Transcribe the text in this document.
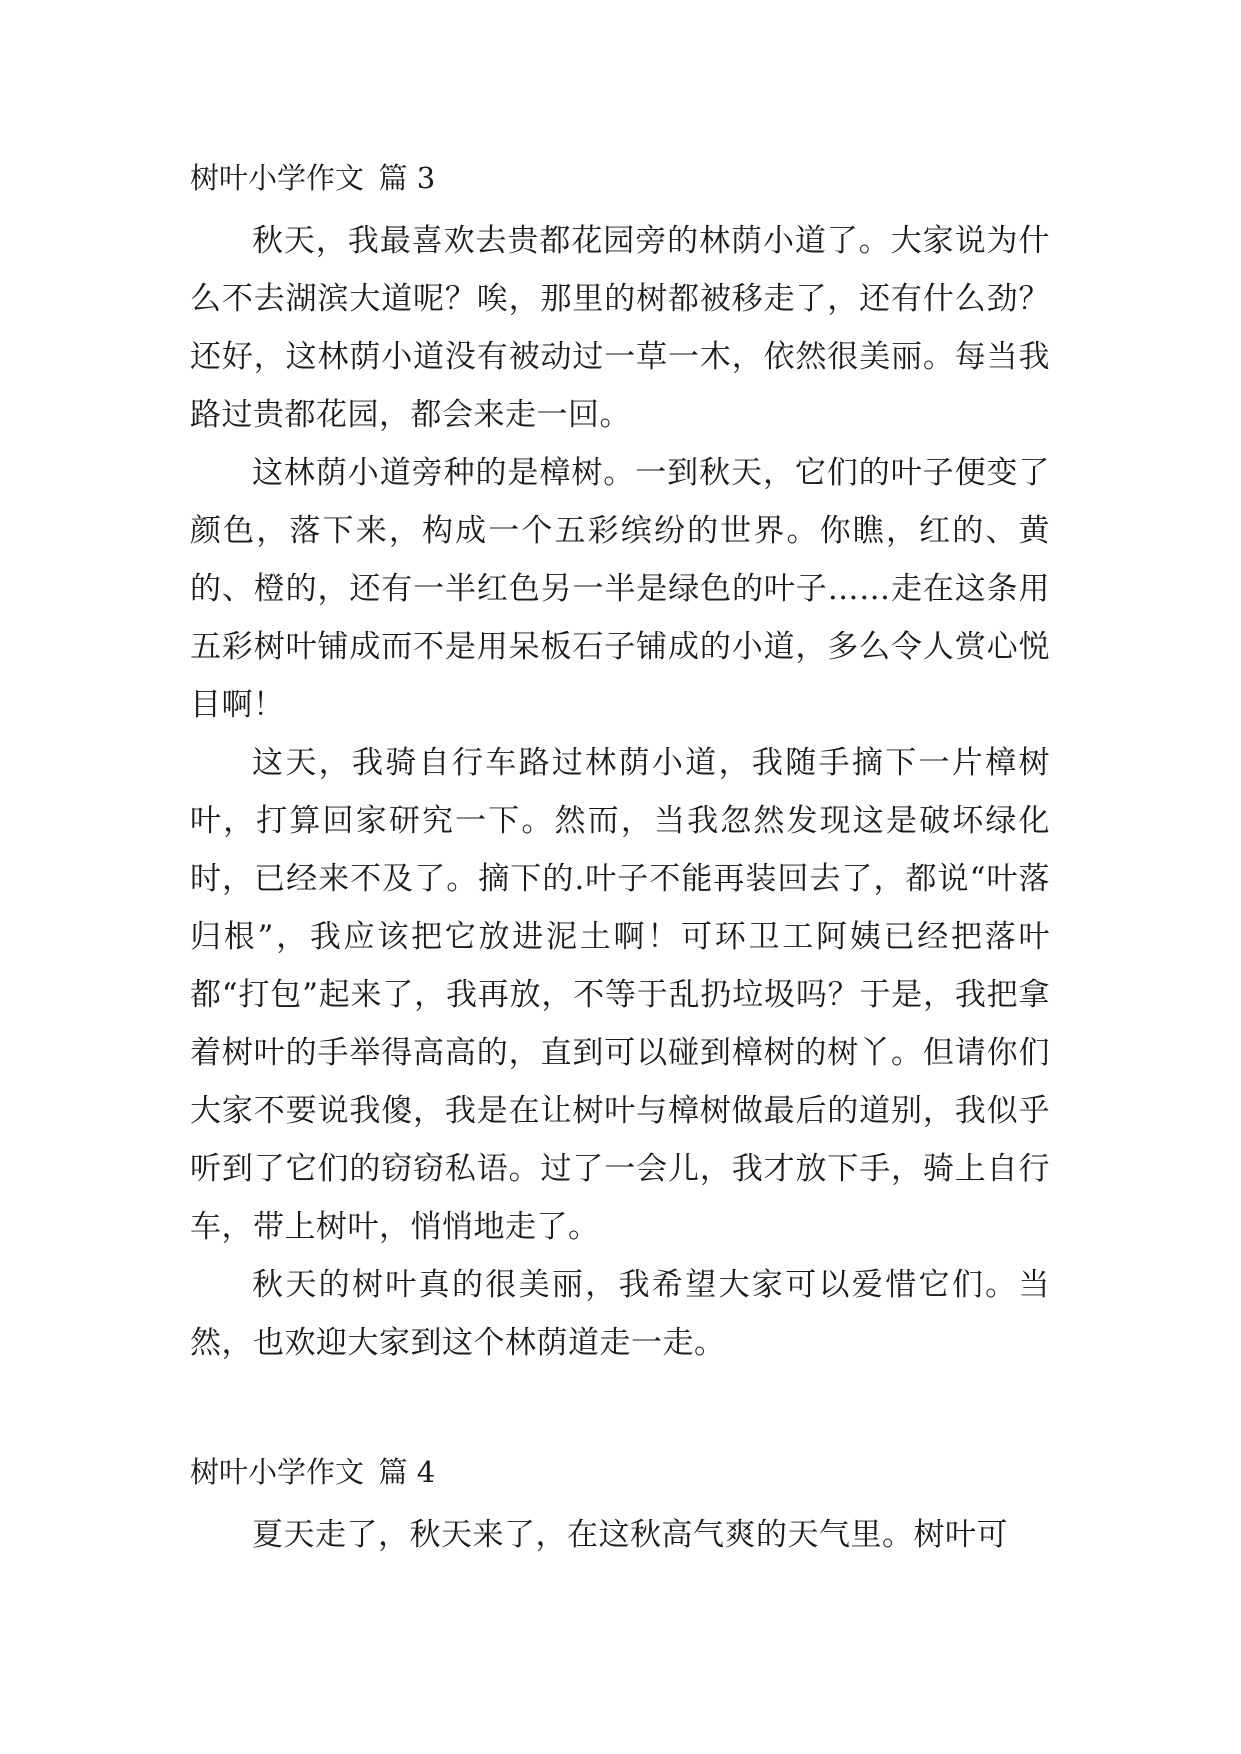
树叶小学作文 篇 3

秋天，我最喜欢去贵都花园旁的林荫小道了。大家说为什么不去湖滨大道呢？唉，那里的树都被移走了，还有什么劲？还好，这林荫小道没有被动过一草一木，依然很美丽。每当我路过贵都花园，都会来走一回。

这林荫小道旁种的是樟树。一到秋天，它们的叶子便变了颜色，落下来，构成一个五彩缤纷的世界。你瞧，红的、黄的、橙的，还有一半红色另一半是绿色的叶子……走在这条用五彩树叶铺成而不是用呆板石子铺成的小道，多么令人赏心悦目啊！

这天，我骑自行车路过林荫小道，我随手摘下一片樟树叶，打算回家研究一下。然而，当我忽然发现这是破坏绿化时，已经来不及了。摘下的.叶子不能再装回去了，都说“叶落归根”，我应该把它放进泥土啊！可环卫工阿姨已经把落叶都“打包”起来了，我再放，不等于乱扔垃圾吗？于是，我把拿着树叶的手举得高高的，直到可以碰到樟树的树丫。但请你们大家不要说我傻，我是在让树叶与樟树做最后的道别，我似乎听到了它们的窃窃私语。过了一会儿，我才放下手，骑上自行车，带上树叶，悄悄地走了。

秋天的树叶真的很美丽，我希望大家可以爱惜它们。当然，也欢迎大家到这个林荫道走一走。

树叶小学作文 篇 4

夏天走了，秋天来了，在这秋高气爽的天气里。树叶可
